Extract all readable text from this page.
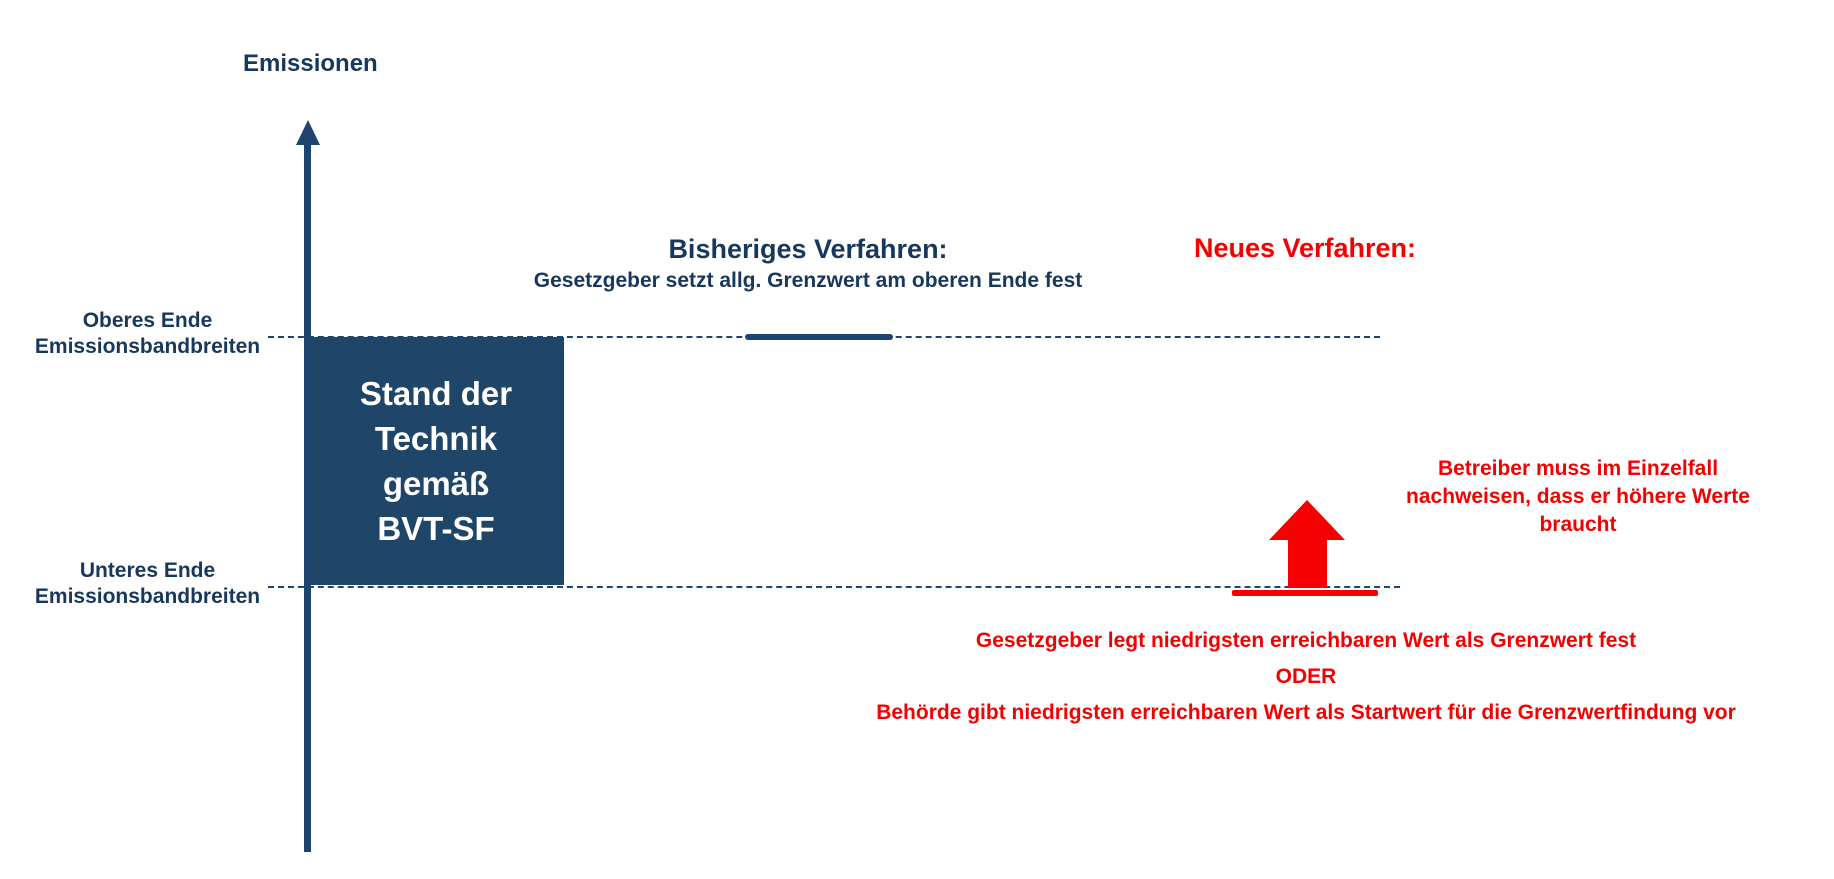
Emissionen
Stand der
Technik
gemäß
BVT-SF
Oberes Ende
Emissionsbandbreiten
Unteres Ende
Emissionsbandbreiten
Bisheriges Verfahren:
Gesetzgeber setzt allg. Grenzwert am oberen Ende fest
Neues Verfahren:
Betreiber muss im Einzelfall
nachweisen, dass er höhere Werte
braucht
Gesetzgeber legt niedrigsten erreichbaren Wert als Grenzwert fest
ODER
Behörde gibt niedrigsten erreichbaren Wert als Startwert für die Grenzwertfindung vor
